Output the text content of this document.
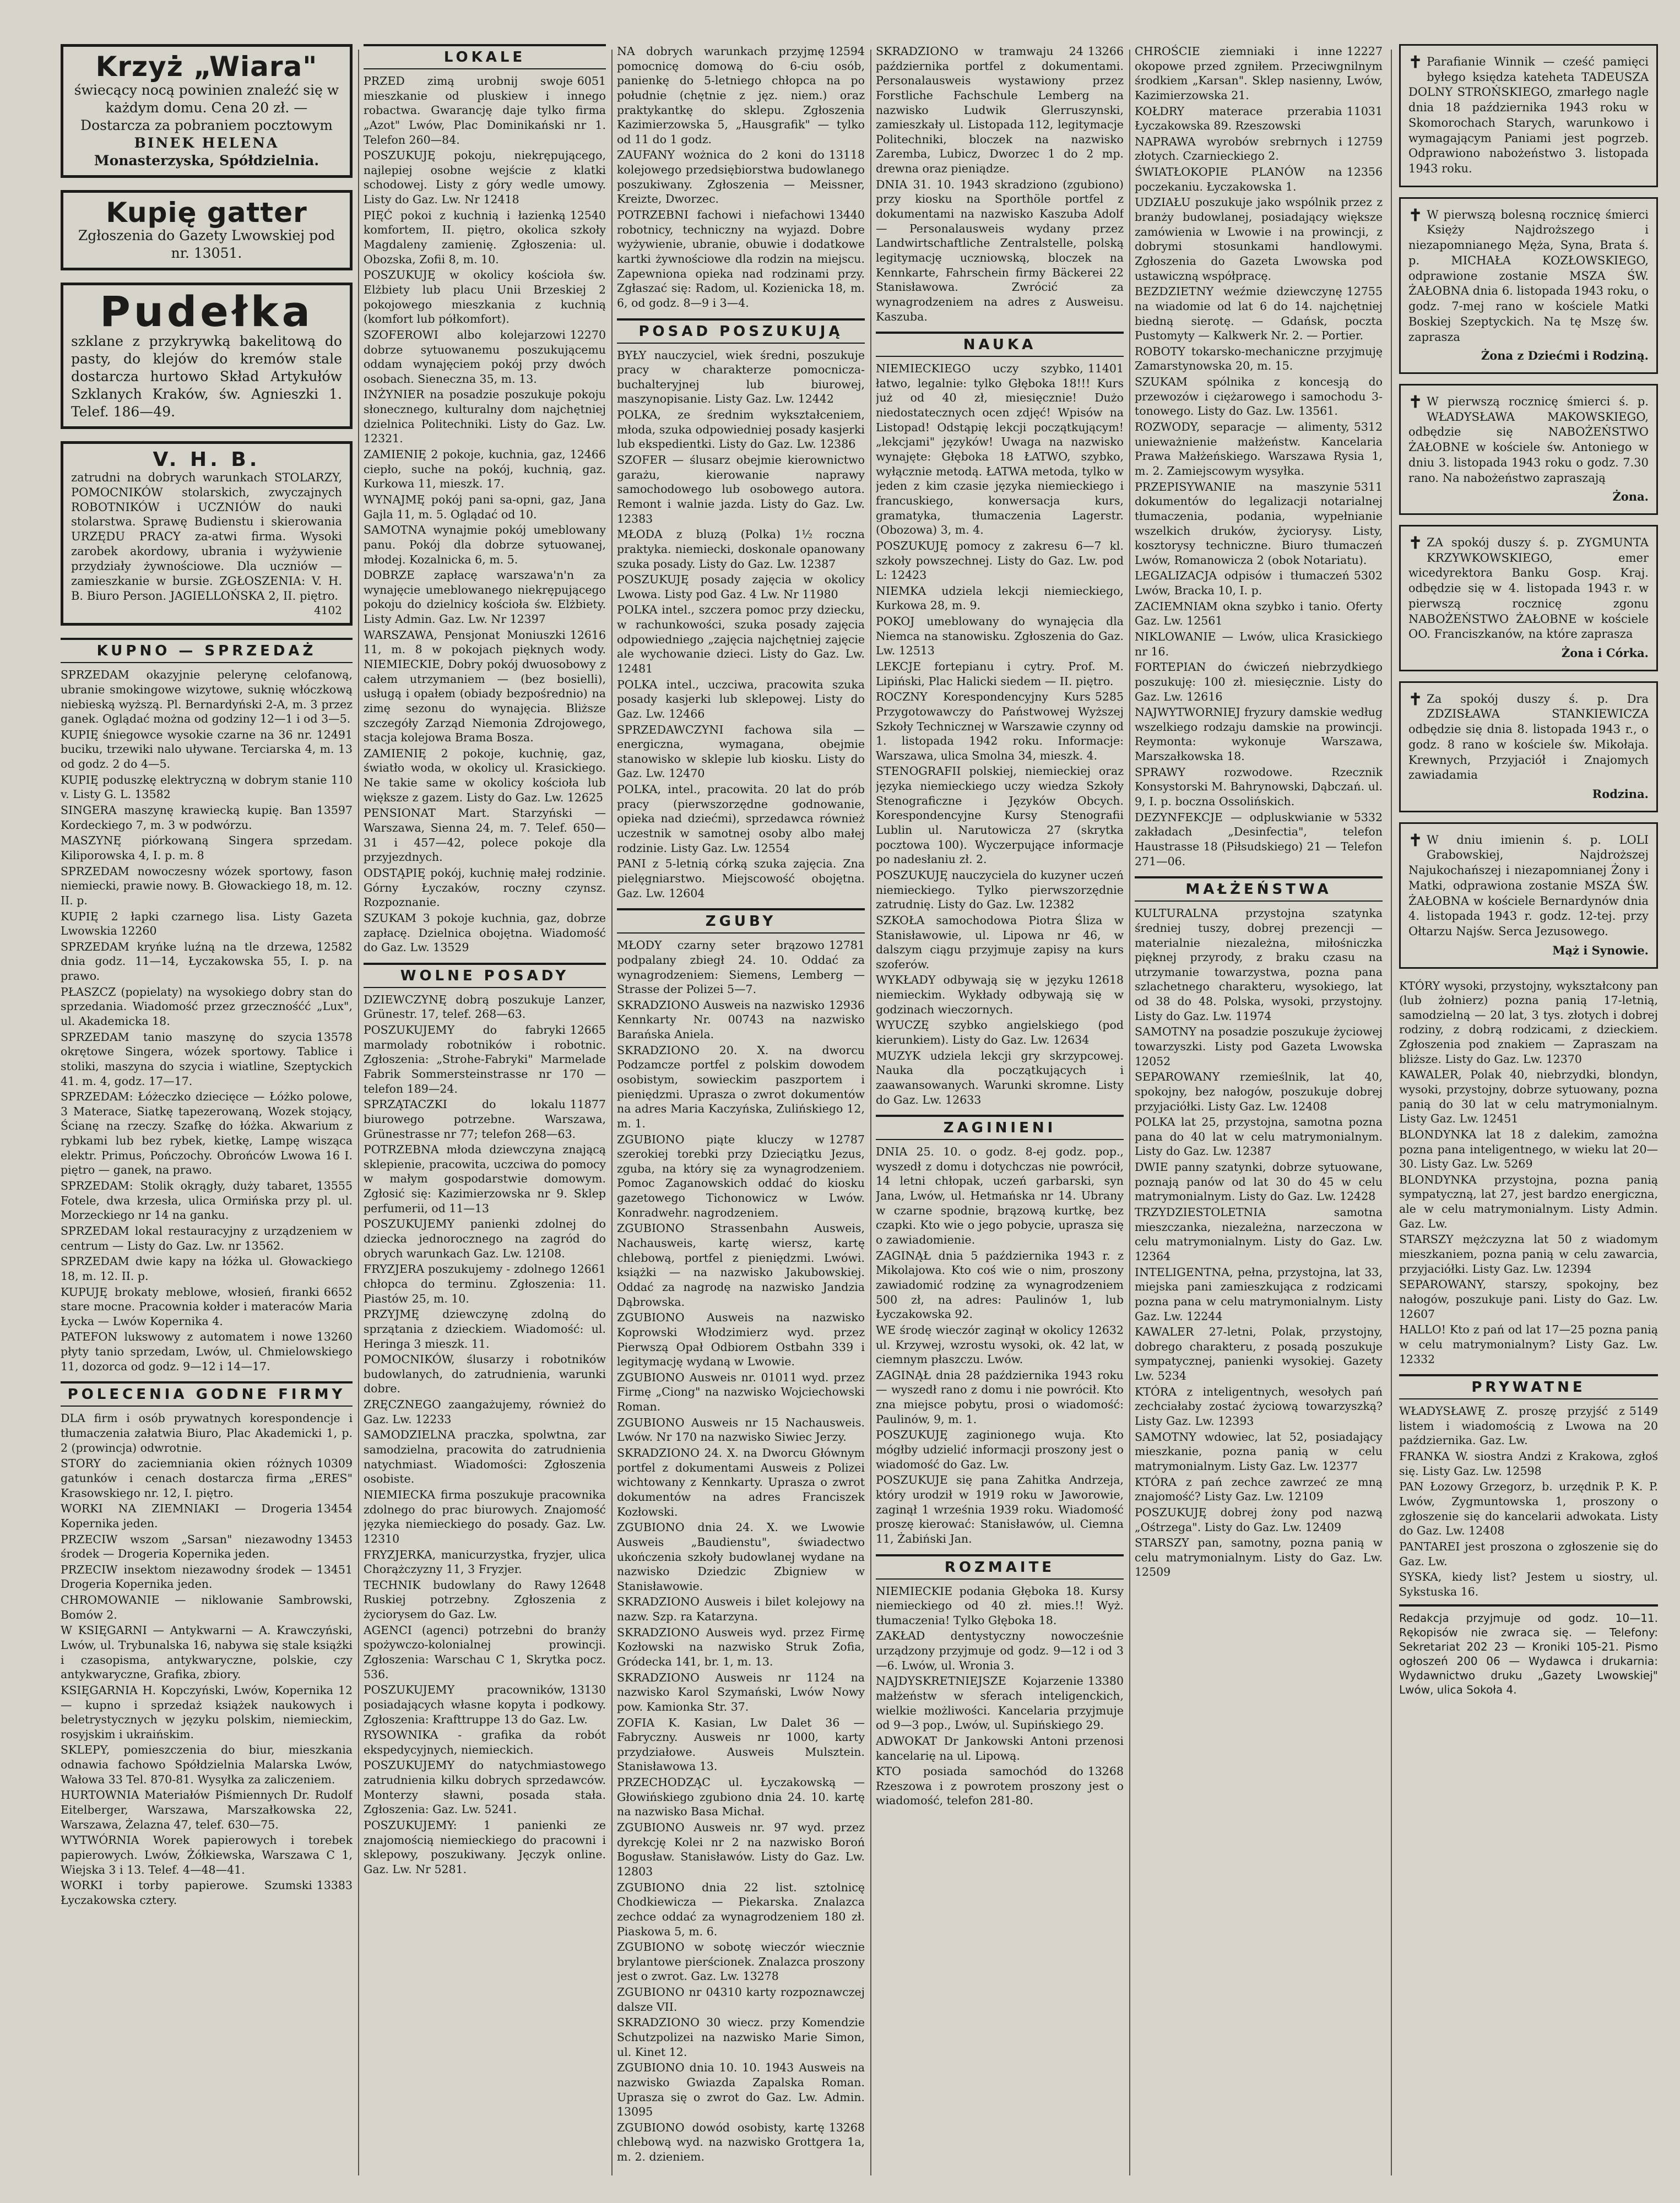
Krzyż „Wiara"
świecący nocą powinien znaleźć się w każdym domu. Cena 20 zł. — Dostarcza za pobraniem pocztowym
BINEK HELENA
Monasterzyska, Spółdzielnia.
Kupię gatter
Zgłoszenia do Gazety Lwowskiej pod nr. 13051.
Pudełka
szklane z przykrywką bakelitową do pasty, do klejów do kremów stale dostarcza hurtowo Skład Artykułów Szklanych Kraków, św. Agnieszki 1. Telef. 186—49.
V. H. B.
zatrudni na dobrych warunkach STOLARZY, POMOCNIKÓW stolarskich, zwyczajnych ROBOTNIKÓW i UCZNIÓW do nauki stolarstwa. Sprawę Budienstu i skierowania URZĘDU PRACY za-atwi firma. Wysoki zarobek akordowy, ubrania i wyżywienie przydziały żywnościowe. Dla uczniów — zamieszkanie w bursie. ZGŁOSZENIA: V. H. B. Biuro Person. JAGIELLOŃSKA 2, II. piętro.
4102
KUPNO — SPRZEDAŻ

SPRZEDAM okazyjnie pelerynę celofanową, ubranie smokingowe wizytowe, suknię włóczkową niebieską wyższą. Pl. Bernardyński 2-A, m. 3 przez ganek. Oglądać można od godziny 12—1 i od 3—5.

12491
KUPIĘ śniegowce wysokie czarne na 36 nr. buciku, trzewiki nalo uływane. Terciarska 4, m. 13 od godz. 2 do 4—5.

KUPIĘ poduszkę elektryczną w dobrym stanie 110 v. Listy G. L. 13582

13597
SINGERA maszynę krawiecką kupię. Ban Kordeckiego 7, m. 3 w podwórzu.

MASZYNĘ piórkowaną Singera sprzedam. Kiliporowska 4, I. p. m. 8

SPRZEDAM nowoczesny wózek sportowy, fason niemiecki, prawie nowy. B. Głowackiego 18, m. 12. II. p.

KUPIĘ 2 łapki czarnego lisa. Listy Gazeta Lwowskia 12260

12582
SPRZEDAM kryńke luźną na tle drzewa, dnia godz. 11—14, Łyczakowska 55, I. p. na prawo.

PŁASZCZ (popielaty) na wysokiego dobry stan do sprzedania. Wiadomość przez grzecznośćć „Lux", ul. Akademicka 18.

13578
SPRZEDAM tanio maszynę do szycia okrętowe Singera, wózek sportowy. Tablice i stoliki, maszyna do szycia i wiatline, Szeptyckich 41. m. 4, godz. 17—17.

SPRZEDAM: Łóżeczko dziecięce — Łóżko polowe, 3 Materace, Siatkę tapezerowaną, Wozek stojący, Ścianę na rzeczy. Szafkę do łóżka. Akwarium z rybkami lub bez rybek, kietkę, Lampę wisząca elektr. Primus, Pończochy. Obrońców Lwowa 16 I. piętro — ganek, na prawo.

13555
SPRZEDAM: Stolik okrągły, duży tabaret, Fotele, dwa krzesła, ulica Ormińska przy pl. ul. Morzeckiego nr 14 na ganku.

SPRZEDAM lokal restauracyjny z urządzeniem w centrum — Listy do Gaz. Lw. nr 13562.

SPRZEDAM dwie kapy na łóżka ul. Głowackiego 18, m. 12. II. p.

6652
KUPUJĘ brokaty meblowe, włosień, firanki stare mocne. Pracownia kołder i materaców Maria Łycka — Lwów Kopernika 4.

13260
PATEFON lukswowy z automatem i nowe płyty tanio sprzedam, Lwów, ul. Chmielowskiego 11, dozorca od godz. 9—12 i 14—17.

POLECENIA GODNE FIRMY

DLA firm i osób prywatnych korespondencje i tłumaczenia załatwia Biuro, Plac Akademicki 1, p. 2 (prowincja) odwrotnie.

10309
STORY do zaciemniania okien różnych gatunków i cenach dostarcza firma „ERES" Krasowskiego nr. 12, I. piętro.

13454
WORKI NA ZIEMNIAKI — Drogeria Kopernika jeden.

13453
PRZECIW wszom „Sarsan" niezawodny środek — Drogeria Kopernika jeden.

13451
PRZECIW insektom niezawodny środek — Drogeria Kopernika jeden.

CHROMOWANIE — niklowanie Sambrowski, Bomów 2.

W KSIĘGARNI — Antykwarni — A. Krawczyński, Lwów, ul. Trybunalska 16, nabywa się stale książki i czasopisma, antykwaryczne, polskie, czy antykwaryczne, Grafika, zbiory.

KSIĘGARNIA H. Kopczyński, Lwów, Kopernika 12 — kupno i sprzedaż książek naukowych i beletrystycznych w języku polskim, niemieckim, rosyjskim i ukraińskim.

SKLEPY, pomieszczenia do biur, mieszkania odnawia fachowo Spółdzielnia Malarska Lwów, Wałowa 33 Tel. 870-81. Wysyłka za zaliczeniem.

HURTOWNIA Materiałów Piśmiennych Dr. Rudolf Eitelberger, Warszawa, Marszałkowska 22, Warszawa, Żelazna 47, telef. 630—75.

WYTWÓRNIA Worek papierowych i torebek papierowych. Lwów, Żółkiewska, Warszawa C 1, Wiejska 3 i 13. Telef. 4—48—41.

13383
WORKI i torby papierowe. Szumski Łyczakowska cztery.

LOKALE

6051
PRZED zimą urobnij swoje mieszkanie od pluskiew i innego robactwa. Gwarancję daje tylko firma „Azot" Lwów, Plac Dominikański nr 1. Telefon 260—84.

POSZUKUJĘ pokoju, niekrępującego, najlepiej osobne wejście z klatki schodowej. Listy z góry wedle umowy. Listy do Gaz. Lw. Nr 12418

12540
PIĘĆ pokoi z kuchnią i łazienką komfortem, II. piętro, okolica szkoły Magdaleny zamienię. Zgłoszenia: ul. Obozska, Zofii 8, m. 10.

POSZUKUJĘ w okolicy kościoła św. Elżbiety lub placu Unii Brzeskiej 2 pokojowego mieszkania z kuchnią (komfort lub półkomfort).

12270
SZOFEROWI albo kolejarzowi dobrze sytuowanemu poszukującemu oddam wynajęciem pokój przy dwóch osobach. Sieneczna 35, m. 13.

INŻYNIER na posadzie poszukuje pokoju słonecznego, kulturalny dom najchętniej dzielnica Politechniki. Listy do Gaz. Lw. 12321.

12466
ZAMIENIĘ 2 pokoje, kuchnia, gaz, ciepło, suche na pokój, kuchnią, gaz. Kurkowa 11, mieszk. 17.

WYNAJMĘ pokój pani sa-opni, gaz, Jana Gajla 11, m. 5. Oglądać od 10.

SAMOTNA wynajmie pokój umeblowany panu. Pokój dla dobrze sytuowanej, młodej. Kozalnicka 6, m. 5.

DOBRZE zapłacę warszawa'n'n za wynajęcie umeblowanego niekrępującego pokoju do dzielnicy kościoła św. Elżbiety. Listy Admin. Gaz. Lw. Nr 12397

12616
WARSZAWA, Pensjonat Moniuszki 11, m. 8 w pokojach pięknych wody. NIEMIECKIE, Dobry pokój dwuosobowy z całem utrzymaniem — (bez bosielli), usługą i opałem (obiady bezpośrednio) na zimę sezonu do wynajęcia. Bliższe szczegóły Zarząd Niemonia Zdrojowego, stacja kolejowa Brama Bosza.

ZAMIENIĘ 2 pokoje, kuchnię, gaz, światło woda, w okolicy ul. Krasickiego. Ne takie same w okolicy kościoła lub większe z gazem. Listy do Gaz. Lw. 12625

PENSIONAT Mart. Starzyński — Warszawa, Sienna 24, m. 7. Telef. 650—31 i 457—42, polece pokoje dla przyjezdnych.

ODSTĄPIĘ pokój, kuchnię małej rodzinie. Górny Łyczaków, roczny czynsz. Rozpoznanie.

SZUKAM 3 pokoje kuchnia, gaz, dobrze zapłacę. Dzielnica obojętna. Wiadomość do Gaz. Lw. 13529

WOLNE POSADY

DZIEWCZYNĘ dobrą poszukuje Lanzer, Grünestr. 17, telef. 268—63.

12665
POSZUKUJEMY do fabryki marmolady robotników i robotnic. Zgłoszenia: „Strohe-Fabryki" Marmelade Fabrik Sommersteinstrasse nr 170 — telefon 189—24.

11877
SPRZĄTACZKI do lokalu biurowego potrzebne. Warszawa, Grünestrasse nr 77; telefon 268—63.

POTRZEBNA młoda dziewczyna znającą sklepienie, pracowita, uczciwa do pomocy w małym gospodarstwie domowym. Zgłosić się: Kazimierzowska nr 9. Sklep perfumerii, od 11—13

POSZUKUJEMY panienki zdolnej do dziecka jednorocznego na zagród do obrych warunkach Gaz. Lw. 12108.

12661
FRYZJERA poszukujemy - zdolnego chłopca do terminu. Zgłoszenia: 11. Piastów 25, m. 10.

PRZYJMĘ dziewczynę zdolną do sprzątania z dzieckiem. Wiadomość: ul. Heringa 3 mieszk. 11.

POMOCNIKÓW, ślusarzy i robotników budowlanych, do zatrudnienia, warunki dobre.

ZRĘCZNEGO zaangażujemy, również do Gaz. Lw. 12233

SAMODZIELNA praczka, spolwtna, zar samodzielna, pracowita do zatrudnienia natychmiast. Wiadomości: Zgłoszenia osobiste.

NIEMIECKA firma poszukuje pracownika zdolnego do prac biurowych. Znajomość języka niemieckiego do posady. Gaz. Lw. 12310

FRYZJERKA, manicurzystka, fryzjer, ulica Chorążczyzny 11, 3 Fryzjer.

12648
TECHNIK budowlany do Rawy Ruskiej potrzebny. Zgłoszenia z życiorysem do Gaz. Lw.

AGENCI (agenci) potrzebni do branży spożywczo-kolonialnej prowincji. Zgłoszenia: Warschau C 1, Skrytka pocz. 536.

13130
POSZUKUJEMY pracowników, posiadających własne kopyta i podkowy. Zgłoszenia: Krafttruppe 13 do Gaz. Lw.

RYSOWNIKA - grafika da robót ekspedycyjnych, niemieckich.

POSZUKUJEMY do natychmiastowego zatrudnienia kilku dobrych sprzedawców. Monterzy sławni, posada stała. Zgłoszenia: Gaz. Lw. 5241.

POSZUKUJEMY: 1 panienki ze znajomością niemieckiego do pracowni i sklepowy, poszukiwany. Jęczyk online. Gaz. Lw. Nr 5281.

12594
NA dobrych warunkach przyjmę pomocnicę domową do 6-ciu osób, panienkę do 5-letniego chłopca na po południe (chętnie z jęz. niem.) oraz praktykantkę do sklepu. Zgłoszenia Kazimierzowska 5, „Hausgrafik" — tylko od 11 do 1 godz.

13118
ZAUFANY wożnica do 2 koni do kolejowego przedsiębiorstwa budowlanego poszukiwany. Zgłoszenia — Meissner, Kreizte, Dworzec.

13440
POTRZEBNI fachowi i niefachowi robotnicy, techniczny na wyjazd. Dobre wyżywienie, ubranie, obuwie i dodatkowe kartki żywnościowe dla rodzin na miejscu. Zapewniona opieka nad rodzinami przy. Zgłaszać się: Radom, ul. Kozienicka 18, m. 6, od godz. 8—9 i 3—4.

POSAD POSZUKUJĄ

BYŁY nauczyciel, wiek średni, poszukuje pracy w charakterze pomocnicza-buchalteryjnej lub biurowej, maszynopisanie. Listy Gaz. Lw. 12442

POLKA, ze średnim wykształceniem, młoda, szuka odpowiedniej posady kasjerki lub ekspedientki. Listy do Gaz. Lw. 12386

SZOFER — ślusarz obejmie kierownictwo garażu, kierowanie naprawy samochodowego lub osobowego autora. Remont i walnie jazda. Listy do Gaz. Lw. 12383

MŁODA z bluzą (Polka) 1½ roczna praktyka. niemiecki, doskonale opanowany szuka posady. Listy do Gaz. Lw. 12387

POSZUKUJĘ posady zajęcia w okolicy Lwowa. Listy pod Gaz. 4 Lw. Nr 11980

POLKA intel., szczera pomoc przy dziecku, w rachunkowości, szuka posady zajęcia odpowiedniego „zajęcia najchętniej zajęcie ale wychowanie dzieci. Listy do Gaz. Lw. 12481

POLKA intel., uczciwa, pracowita szuka posady kasjerki lub sklepowej. Listy do Gaz. Lw. 12466

SPRZEDAWCZYNI fachowa sila — energiczna, wymagana, obejmie stanowisko w sklepie lub kiosku. Listy do Gaz. Lw. 12470

POLKA, intel., pracowita. 20 lat do prób pracy (pierwszorzędne godnowanie, opieka nad dziećmi), sprzedawca również uczestnik w samotnej osoby albo małej rodzinie. Listy Gaz. Lw. 12554

PANI z 5-letnią córką szuka zajęcia. Zna pielęgniarstwo. Miejscowość obojętna. Gaz. Lw. 12604

ZGUBY

12781
MŁODY czarny seter brązowo podpalany zbiegł 24. 10. Oddać za wynagrodzeniem: Siemens, Lemberg — Strasse der Polizei 5—7.

12936
SKRADZIONO Ausweis na nazwisko Kennkarty Nr. 00743 na nazwisko Barańska Aniela.

SKRADZIONO 20. X. na dworcu Podzamcze portfel z polskim dowodem osobistym, sowieckim paszportem i pieniędzmi. Uprasza o zwrot dokumentów na adres Maria Kaczyńska, Zulińskiego 12, m. 1.

12787
ZGUBIONO piąte kluczy w szerokiej torebki przy Dzieciątku Jezus, zguba, na który się za wynagrodzeniem. Pomoc Zaganowskich oddać do kiosku gazetowego Tichonowicz w Lwów. Konradwehr. nagrodzeniem.

ZGUBIONO Strassenbahn Ausweis, Nachausweis, kartę wiersz, kartę chlebową, portfel z pieniędzmi. Lwówi. książki — na nazwisko Jakubowskiej. Oddać za nagrodę na nazwisko Jandzia Dąbrowska.

ZGUBIONO Ausweis na nazwisko Koprowski Włodzimierz wyd. przez Pierwszą Opał Odbiorem Ostbahn 339 i legitymację wydaną w Lwowie.

ZGUBIONO Ausweis nr. 01011 wyd. przez Firmę „Ciong" na nazwisko Wojciechowski Roman.

ZGUBIONO Ausweis nr 15 Nachausweis. Lwów. Nr 170 na nazwisko Siwiec Jerzy.

SKRADZIONO 24. X. na Dworcu Głównym portfel z dokumentami Ausweis z Polizei wichtowany z Kennkarty. Uprasza o zwrot dokumentów na adres Franciszek Kozłowski.

ZGUBIONO dnia 24. X. we Lwowie Ausweis „Baudienstu", świadectwo ukończenia szkoły budowlanej wydane na nazwisko Dziedzic Zbigniew w Stanisławowie.

SKRADZIONO Ausweis i bilet kolejowy na nazw. Szp. ra Katarzyna.

SKRADZIONO Ausweis wyd. przez Firmę Kozłowski na nazwisko Struk Zofia, Gródecka 141, br. 1, m. 13.

SKRADZIONO Ausweis nr 1124 na nazwisko Karol Szymański, Lwów Nowy pow. Kamionka Str. 37.

ZOFIA K. Kasian, Lw Dalet 36 — Fabryczny. Ausweis nr 1000, karty przydziałowe. Ausweis Mulsztein. Stanisławowa 13.

PRZECHODZĄC ul. Łyczakowską — Głowińskiego zgubiono dnia 24. 10. kartę na nazwisko Basa Michał.

ZGUBIONO Ausweis nr. 97 wyd. przez dyrekcję Kolei nr 2 na nazwisko Boroń Bogusław. Stanisławów. Listy do Gaz. Lw. 12803

ZGUBIONO dnia 22 list. sztolnicę Chodkiewicza — Piekarska. Znalazca zechce oddać za wynagrodzeniem 180 zł. Piaskowa 5, m. 6.

ZGUBIONO w sobotę wieczór wiecznie brylantowe pierścionek. Znalazca proszony jest o zwrot. Gaz. Lw. 13278

ZGUBIONO nr 04310 karty rozpoznawczej dalsze VII.

SKRADZIONO 30 wiecz. przy Komendzie Schutzpolizei na nazwisko Marie Simon, ul. Kinet 12.

ZGUBIONO dnia 10. 10. 1943 Ausweis na nazwisko Gwiazda Zapalska Roman. Uprasza się o zwrot do Gaz. Lw. Admin. 13095

13268
ZGUBIONO dowód osobisty, kartę chlebową wyd. na nazwisko Grottgera 1a, m. 2. dzieniem.

13266
SKRADZIONO w tramwaju 24 października portfel z dokumentami. Personalausweis wystawiony przez Forstliche Fachschule Lemberg na nazwisko Ludwik Glerruszynski, zamieszkały ul. Listopada 112, legitymacje Politechniki, bloczek na nazwisko Zaremba, Lubicz, Dworzec 1 do 2 mp. drewna oraz pieniądze.

DNIA 31. 10. 1943 skradziono (zgubiono) przy kiosku na Sporthöle portfel z dokumentami na nazwisko Kaszuba Adolf — Personalausweis wydany przez Landwirtschaftliche Zentralstelle, polską legitymację uczniowską, bloczek na Kennkarte, Fahrschein firmy Bäckerei 22 Stanisławowa. Zwrócić za wynagrodzeniem na adres z Ausweisu. Kaszuba.

NAUKA

11401
NIEMIECKIEGO uczy szybko, łatwo, legalnie: tylko Głęboka 18!!! Kurs już od 40 zł, miesięcznie! Dużo niedostatecznych ocen zdjęć! Wpisów na Listopad! Odstąpię lekcji początkującym! „lekcjami" języków! Uwaga na nazwisko wynajęte: Głęboka 18 ŁATWO, szybko, wyłącznie metodą. ŁATWA metoda, tylko w jeden z kim czasie języka niemieckiego i francuskiego, konwersacja kurs, gramatyka, tłumaczenia Lagerstr. (Obozowa) 3, m. 4.

POSZUKUJĘ pomocy z zakresu 6—7 kl. szkoły powszechnej. Listy do Gaz. Lw. pod L: 12423

NIEMKA udziela lekcji niemieckiego, Kurkowa 28, m. 9.

POKOJ umeblowany do wynajęcia dla Niemca na stanowisku. Zgłoszenia do Gaz. Lw. 12513

LEKCJE fortepianu i cytry. Prof. M. Lipiński, Plac Halicki siedem — II. piętro.

5285
ROCZNY Korespondencyjny Kurs Przygotowawczy do Państwowej Wyższej Szkoły Technicznej w Warszawie czynny od 1. listopada 1942 roku. Informacje: Warszawa, ulica Smolna 34, mieszk. 4.

STENOGRAFII polskiej, niemieckiej oraz języka niemieckiego uczy wiedza Szkoły Stenograficzne i Języków Obcych. Korespondencyjne Kursy Stenografii Lublin ul. Narutowicza 27 (skrytka pocztowa 100). Wyczerpujące informacje po nadesłaniu zł. 2.

POSZUKUJĘ nauczyciela do kuzyner uczeń niemieckiego. Tylko pierwszorzędnie zatrudnię. Listy do Gaz. Lw. 12382

SZKOŁA samochodowa Piotra Śliza w Stanisławowie, ul. Lipowa nr 46, w dalszym ciągu przyjmuje zapisy na kurs szoferów.

12618
WYKŁADY odbywają się w języku niemieckim. Wykłady odbywają się w godzinach wieczornych.

WYUCZĘ szybko angielskiego (pod kierunkiem). Listy do Gaz. Lw. 12634

MUZYK udziela lekcji gry skrzypcowej. Nauka dla początkujących i zaawansowanych. Warunki skromne. Listy do Gaz. Lw. 12633

ZAGINIENI

DNIA 25. 10. o godz. 8-ej godz. pop., wyszedł z domu i dotychczas nie powrócił, 14 letni chłopak, uczeń garbarski, syn Jana, Lwów, ul. Hetmańska nr 14. Ubrany w czarne spodnie, brązową kurtkę, bez czapki. Kto wie o jego pobycie, uprasza się o zawiadomienie.

ZAGINĄŁ dnia 5 października 1943 r. z Mikolajowa. Kto coś wie o nim, proszony zawiadomić rodzinę za wynagrodzeniem 500 zł, na adres: Paulinów 1, lub Łyczakowska 92.

12632
WE środę wieczór zaginął w okolicy ul. Krzywej, wzrostu wysoki, ok. 42 lat, w ciemnym płaszczu. Lwów.

ZAGINĄŁ dnia 28 października 1943 roku — wyszedł rano z domu i nie powrócił. Kto zna miejsce pobytu, prosi o wiadomość: Paulinów, 9, m. 1.

POSZUKUJĘ zaginionego wuja. Kto mógłby udzielić informacji proszony jest o wiadomość do Gaz. Lw.

POSZUKUJE się pana Zahitka Andrzeja, który urodził w 1919 roku w Jaworowie, zaginął 1 września 1939 roku. Wiadomość proszę kierować: Stanisławów, ul. Ciemna 11, Żabiński Jan.

ROZMAITE

NIEMIECKIE podania Głęboka 18. Kursy niemieckiego od 40 zł. mies.!! Wyż. tłumaczenia! Tylko Głęboka 18.

ZAKŁAD dentystyczny nowocześnie urządzony przyjmuje od godz. 9—12 i od 3—6. Lwów, ul. Wronia 3.

13380
NAJDYSKRETNIEJSZE Kojarzenie małżeństw w sferach inteligenckich, wielkie możliwości. Kancelaria przyjmuje od 9—3 pop., Lwów, ul. Supińskiego 29.

ADWOKAT Dr Jankowski Antoni przenosi kancelarię na ul. Lipową.

13268
KTO posiada samochód do Rzeszowa i z powrotem proszony jest o wiadomość, telefon 281-80.

12227
CHROŚCIE ziemniaki i inne okopowe przed zgniłem. Przeciwgnilnym środkiem „Karsan". Sklep nasienny, Lwów, Kazimierzowska 21.

11031
KOŁDRY materace przerabia Łyczakowska 89. Rzeszowski

12759
NAPRAWA wyrobów srebrnych i złotych. Czarnieckiego 2.

12356
ŚWIATŁOKOPIE PLANÓW na poczekaniu. Łyczakowska 1.

UDZIAŁU poszukuje jako wspólnik przez z branży budowlanej, posiadający większe zamówienia w Lwowie i na prowincji, z dobrymi stosunkami handlowymi. Zgłoszenia do Gazeta Lwowska pod ustawiczną współpracę.

12755
BEZDZIETNY weźmie dziewczynę na wiadomie od lat 6 do 14. najchętniej biedną sierotę. — Gdańsk, poczta Pustomyty — Kalkwerk Nr. 2. — Portier.

ROBOTY tokarsko-mechaniczne przyjmuję Zamarstynowska 20, m. 15.

SZUKAM spólnika z koncesją do przewozów i ciężarowego i samochodu 3-tonowego. Listy do Gaz. Lw. 13561.

5312
ROZWODY, separacje — alimenty, unieważnienie małżeństw. Kancelaria Prawa Małżeńskiego. Warszawa Rysia 1, m. 2. Zamiejscowym wysyłka.

5311
PRZEPISYWANIE na maszynie dokumentów do legalizacji notarialnej tłumaczenia, podania, wypełnianie wszelkich druków, życiorysy. Listy, kosztorysy techniczne. Biuro tłumaczeń Lwów, Romanowicza 2 (obok Notariatu).

5302
LEGALIZACJA odpisów i tłumaczeń Lwów, Bracka 10, I. p.

ZACIEMNIAM okna szybko i tanio. Oferty Gaz. Lw. 12561

NIKLOWANIE — Lwów, ulica Krasickiego nr 16.

FORTEPIAN do ćwiczeń niebrzydkiego poszukuję: 100 zł. miesięcznie. Listy do Gaz. Lw. 12616

NAJWYTWORNIEJ fryzury damskie według wszelkiego rodzaju damskie na prowincji. Reymonta: wykonuje Warszawa, Marszałkowska 18.

SPRAWY rozwodowe. Rzecznik Konsystorski M. Bahrynowski, Dąbczań. ul. 9, I. p. boczna Ossolińskich.

5332
DEZYNFEKCJE — odpluskwianie w zakładach „Desinfectia", telefon Haustrasse 18 (Piłsudskiego) 21 — Telefon 271—06.

MAŁŻEŃSTWA

KULTURALNA przystojna szatynka średniej tuszy, dobrej prezencji — materialnie niezależna, miłośniczka pięknej przyrody, z braku czasu na utrzymanie towarzystwa, pozna pana szlachetnego charakteru, wysokiego, lat od 38 do 48. Polska, wysoki, przystojny. Listy do Gaz. Lw. 11974

SAMOTNY na posadzie poszukuje życiowej towarzyszki. Listy pod Gazeta Lwowska 12052

SEPAROWANY rzemieślnik, lat 40, spokojny, bez nałogów, poszukuje dobrej przyjaciółki. Listy Gaz. Lw. 12408

POLKA lat 25, przystojna, samotna pozna pana do 40 lat w celu matrymonialnym. Listy do Gaz. Lw. 12387

DWIE panny szatynki, dobrze sytuowane, poznają panów od lat 30 do 45 w celu matrymonialnym. Listy do Gaz. Lw. 12428

TRZYDZIESTOLETNIA samotna mieszczanka, niezależna, narzeczona w celu matrymonialnym. Listy do Gaz. Lw. 12364

INTELIGENTNA, pełna, przystojna, lat 33, miejska pani zamieszkująca z rodzicami pozna pana w celu matrymonialnym. Listy Gaz. Lw. 12244

KAWALER 27-letni, Polak, przystojny, dobrego charakteru, z posadą poszukuje sympatycznej, panienki wysokiej. Gazety Lw. 5234

KTÓRA z inteligentnych, wesołych pań zechciałaby zostać życiową towarzyszką? Listy Gaz. Lw. 12393

SAMOTNY wdowiec, lat 52, posiadający mieszkanie, pozna panią w celu matrymonialnym. Listy Gaz. Lw. 12377

KTÓRA z pań zechce zawrzeć ze mną znajomość? Listy Gaz. Lw. 12109

POSZUKUJĘ dobrej żony pod nazwą „Ośtrzega". Listy do Gaz. Lw. 12409

STARSZY pan, samotny, pozna panią w celu matrymonialnym. Listy do Gaz. Lw. 12509

✝ Parafianie Winnik — cześć pamięci byłego księdza kateheta TADEUSZA DOLNY STROŃSKIEGO, zmarłego nagle dnia 18 października 1943 roku w Skomorochach Starych, warunkowo i wymagającym Paniami jest pogrzeb. Odprawiono nabożeństwo 3. listopada 1943 roku.
✝ W pierwszą bolesną rocznicę śmierci Księży Najdroższego i niezapomnianego Męża, Syna, Brata ś. p. MICHAŁA KOZŁOWSKIEGO, odprawione zostanie MSZA ŚW. ŻAŁOBNA dnia 6. listopada 1943 roku, o godz. 7-mej rano w kościele Matki Boskiej Szeptyckich. Na tę Mszę św. zaprasza
Żona z Dziećmi i Rodziną.
✝ W pierwszą rocznicę śmierci ś. p. WŁADYSŁAWA MAKOWSKIEGO, odbędzie się NABOŻEŃSTWO ŻAŁOBNE w kościele św. Antoniego w dniu 3. listopada 1943 roku o godz. 7.30 rano. Na nabożeństwo zapraszają
Żona.
✝ ZA spokój duszy ś. p. ZYGMUNTA KRZYWKOWSKIEGO, emer wicedyrektora Banku Gosp. Kraj. odbędzie się w 4. listopada 1943 r. w pierwszą rocznicę zgonu NABOŻEŃSTWO ŻAŁOBNE w kościele OO. Franciszkanów, na które zaprasza
Żona i Córka.
✝ Za spokój duszy ś. p. Dra ZDZISŁAWA STANKIEWICZA odbędzie się dnia 8. listopada 1943 r., o godz. 8 rano w kościele św. Mikołaja. Krewnych, Przyjaciół i Znajomych zawiadamia
Rodzina.
✝ W dniu imienin ś. p. LOLI Grabowskiej, Najdroższej Najukochańszej i niezapomnianej Żony i Matki, odprawiona zostanie MSZA ŚW. ŻAŁOBNA w kościele Bernardynów dnia 4. listopada 1943 r. godz. 12-tej. przy Ołtarzu Najśw. Serca Jezusowego.
Mąż i Synowie.

KTÓRY wysoki, przystojny, wykształcony pan (lub żołnierz) pozna panią 17-letnią, samodzielną — 20 lat, 3 tys. złotych i dobrej rodziny, z dobrą rodzicami, z dzieckiem. Zgłoszenia pod znakiem — Zapraszam na bliższe. Listy do Gaz. Lw. 12370

KAWALER, Polak 40, niebrzydki, blondyn, wysoki, przystojny, dobrze sytuowany, pozna panią do 30 lat w celu matrymonialnym. Listy Gaz. Lw. 12451

BLONDYNKA lat 18 z dalekim, zamożna pozna pana inteligentnego, w wieku lat 20—30. Listy Gaz. Lw. 5269

BLONDYNKA przystojna, pozna panią sympatyczną, lat 27, jest bardzo energiczna, ale w celu matrymonialnym. Listy Admin. Gaz. Lw.

STARSZY mężczyzna lat 50 z wiadomym mieszkaniem, pozna panią w celu zawarcia, przyjaciółki. Listy Gaz. Lw. 12394

SEPAROWANY, starszy, spokojny, bez nałogów, poszukuje pani. Listy do Gaz. Lw. 12607

HALLO! Kto z pań od lat 17—25 pozna panią w celu matrymonialnym? Listy Gaz. Lw. 12332

PRYWATNE

5149
WŁADYSŁAWĘ Z. proszę przyjść z listem i wiadomością z Lwowa na 20 października. Gaz. Lw.

FRANKA W. siostra Andzi z Krakowa, zgłoś się. Listy Gaz. Lw. 12598

PAN Łozowy Grzegorz, b. urzędnik P. K. P. Lwów, Zygmuntowska 1, proszony o zgłoszenie się do kancelarii adwokata. Listy do Gaz. Lw. 12408

PANTAREI jest proszona o zgłoszenie się do Gaz. Lw.

SYSKA, kiedy list? Jestem u siostry, ul. Sykstuska 16.

Redakcja przyjmuje od godz. 10—11. Rękopisów nie zwraca się. — Telefony: Sekretariat 202 23 — Kroniki 105-21. Pismo ogłoszeń 200 06 — Wydawca i drukarnia: Wydawnictwo druku „Gazety Lwowskiej" Lwów, ulica Sokoła 4.
